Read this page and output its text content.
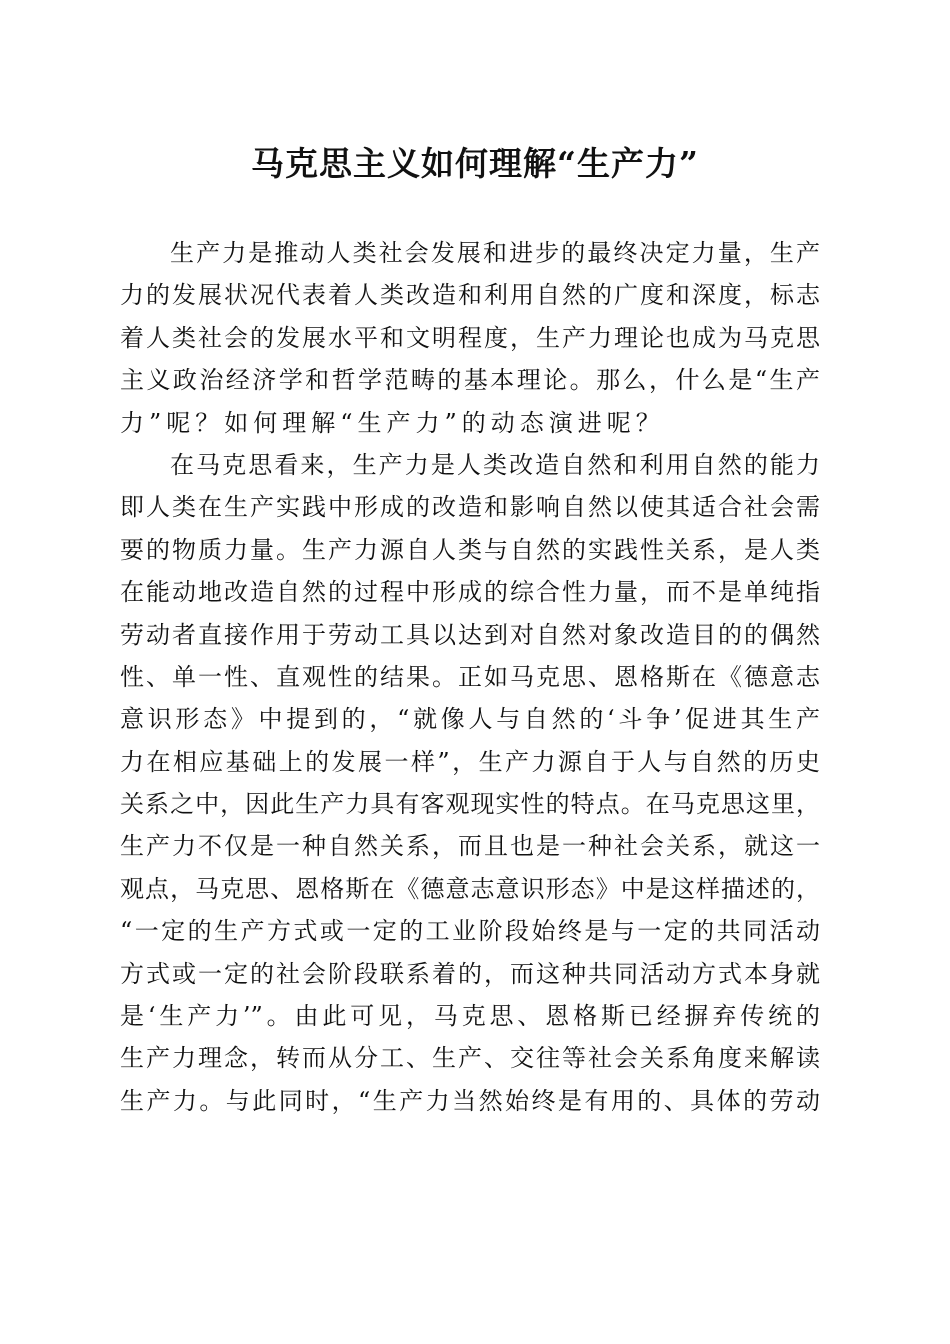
马克思主义如何理解“生产力”
生产力是推动人类社会发展和进步的最终决定力量，生产
力的发展状况代表着人类改造和利用自然的广度和深度，标志
着人类社会的发展水平和文明程度，生产力理论也成为马克思
主义政治经济学和哲学范畴的基本理论。那么，什么是“生产
力”呢？如何理解“生产力”的动态演进呢？
在马克思看来，生产力是人类改造自然和利用自然的能力
即人类在生产实践中形成的改造和影响自然以使其适合社会需
要的物质力量。生产力源自人类与自然的实践性关系，是人类
在能动地改造自然的过程中形成的综合性力量，而不是单纯指
劳动者直接作用于劳动工具以达到对自然对象改造目的的偶然
性、单一性、直观性的结果。正如马克思、恩格斯在《德意志
意识形态》中提到的，“就像人与自然的‘斗争’促进其生产
力在相应基础上的发展一样”，生产力源自于人与自然的历史
关系之中，因此生产力具有客观现实性的特点。在马克思这里，
生产力不仅是一种自然关系，而且也是一种社会关系，就这一
观点，马克思、恩格斯在《德意志意识形态》中是这样描述的，
“一定的生产方式或一定的工业阶段始终是与一定的共同活动
方式或一定的社会阶段联系着的，而这种共同活动方式本身就
是‘生产力’”。由此可见，马克思、恩格斯已经摒弃传统的
生产力理念，转而从分工、生产、交往等社会关系角度来解读
生产力。与此同时，“生产力当然始终是有用的、具体的劳动
